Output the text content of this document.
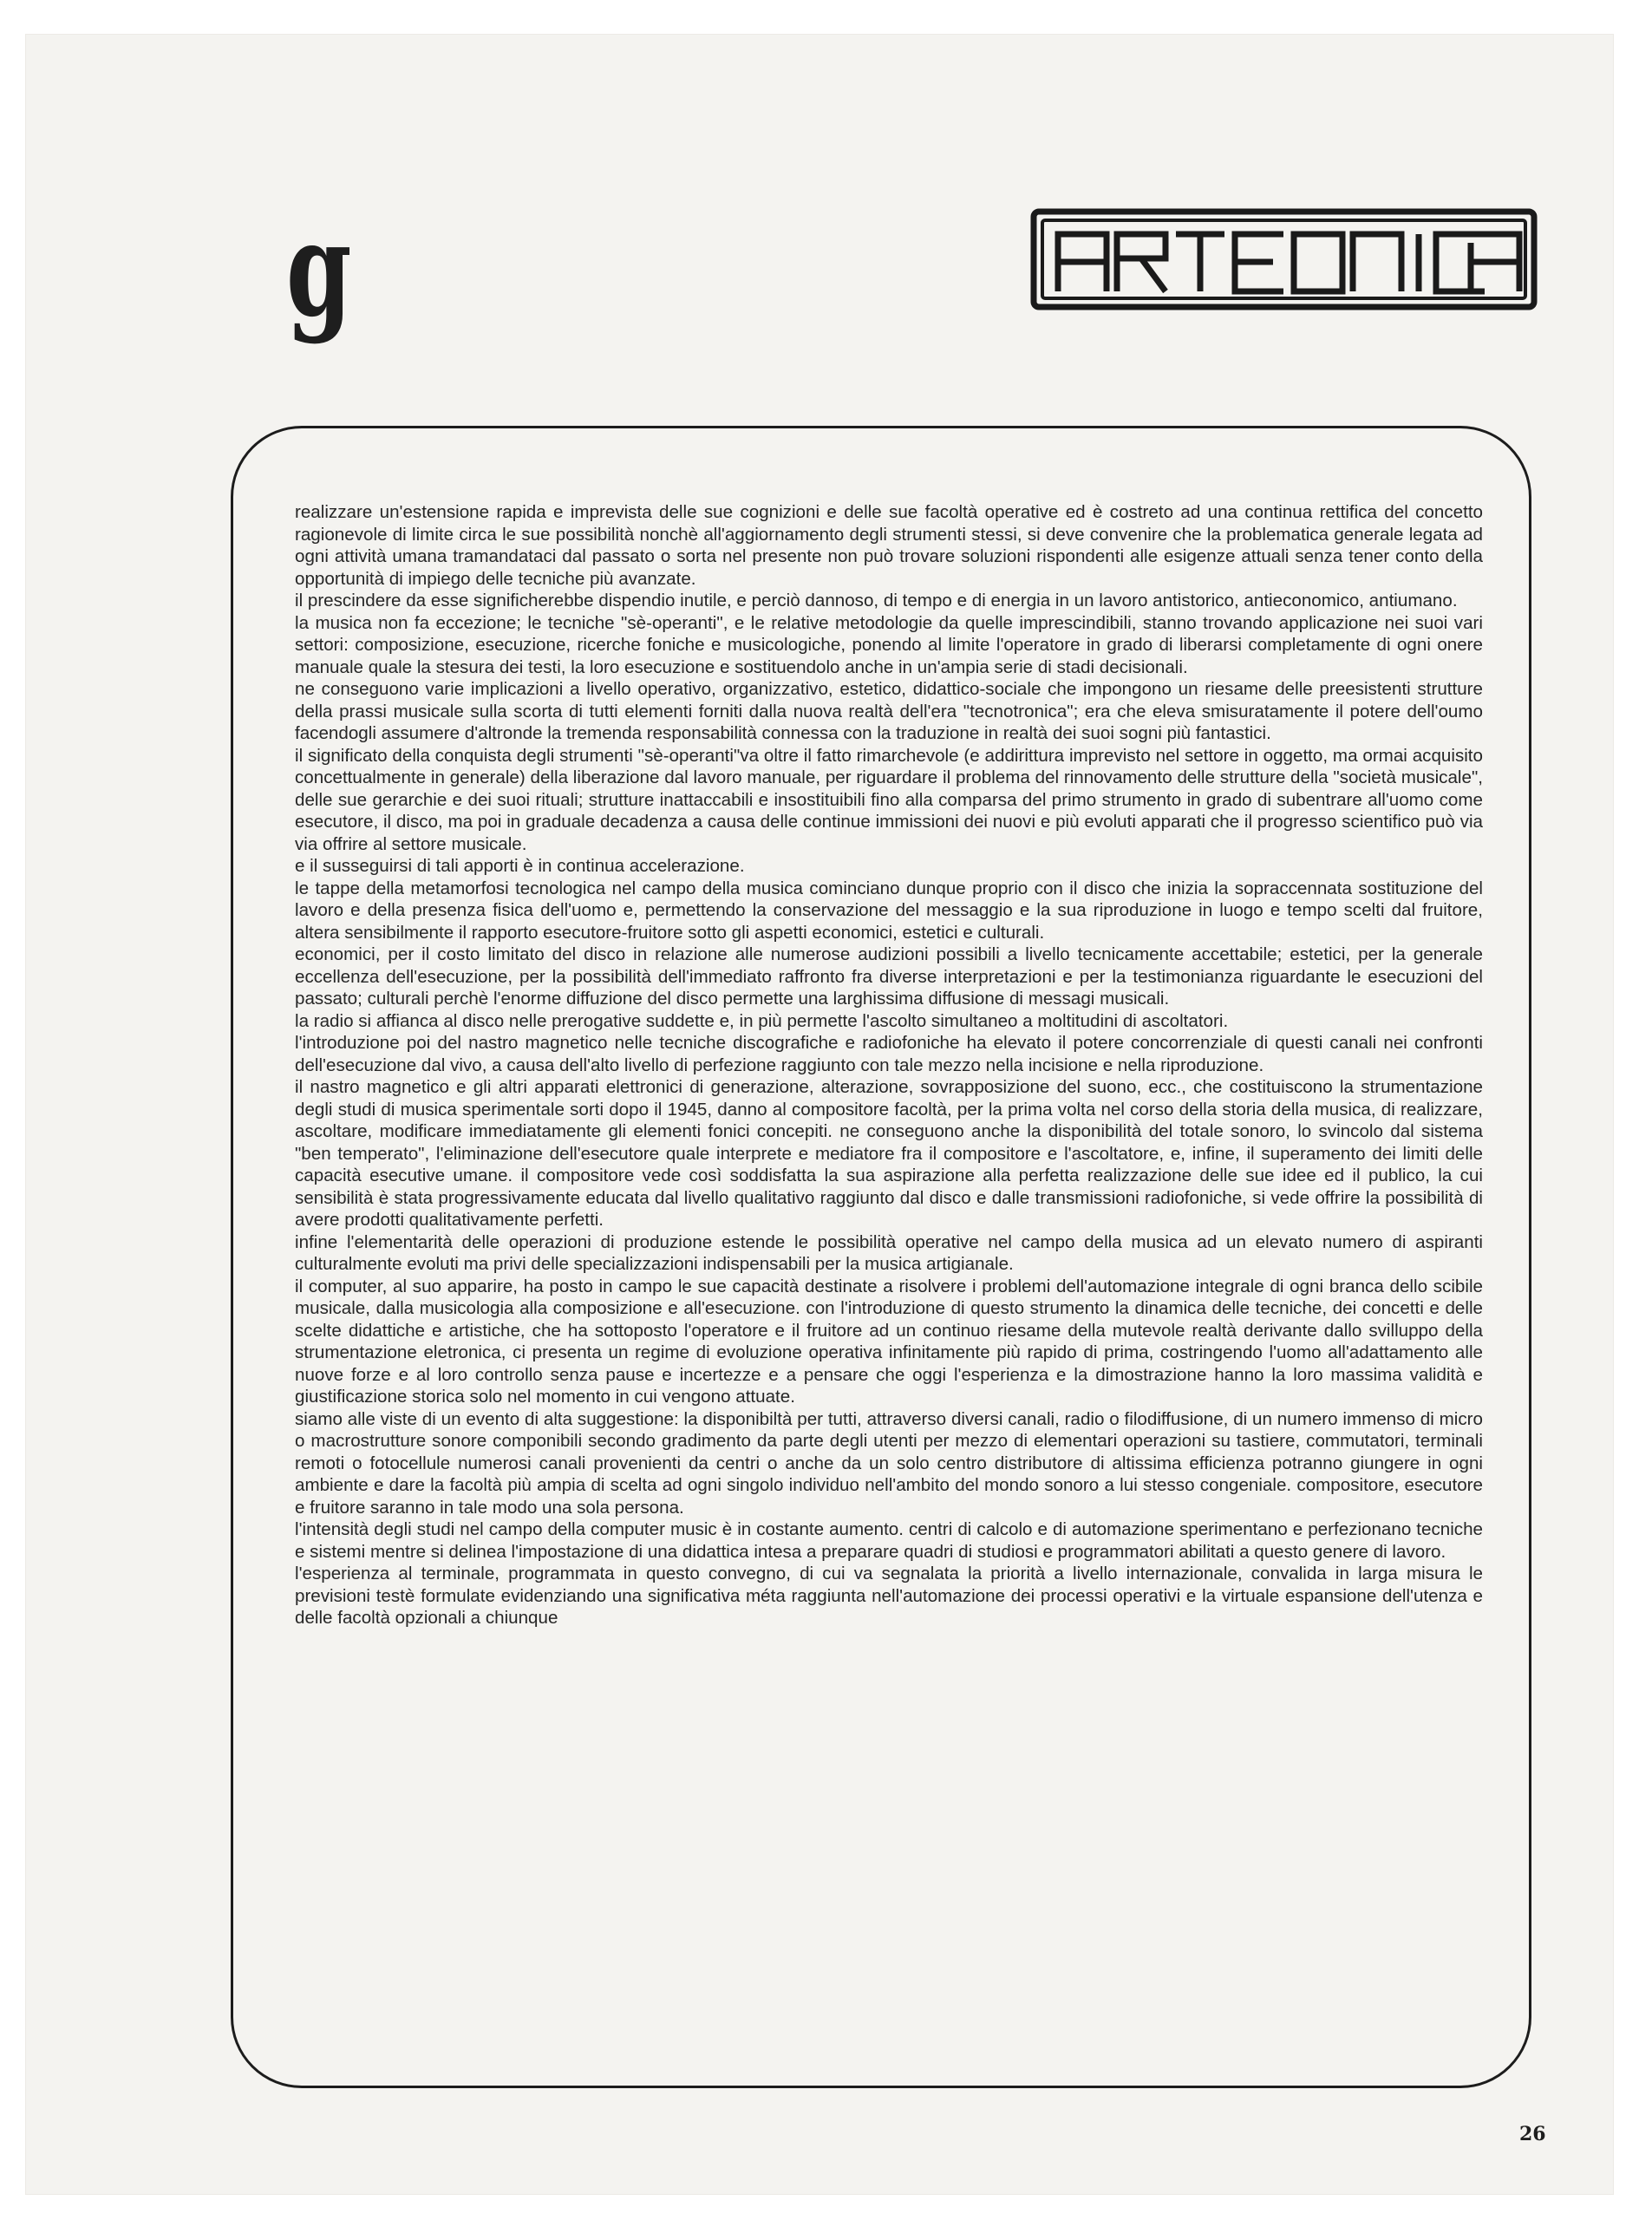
g

realizzare un'estensione rapida e imprevista delle sue cognizioni e delle sue facoltà operative ed è costreto ad una continua rettifica del concetto ragionevole di limite circa le sue possibilità nonchè all'aggiornamento degli strumenti stessi, si deve convenire che la problematica generale legata ad ogni attività umana tramandataci dal passato o sorta nel presente non può trovare soluzioni rispondenti alle esigenze attuali senza tener conto della opportunità di impiego delle tecniche più avanzate.

il prescindere da esse significherebbe dispendio inutile, e perciò dannoso, di tempo e di energia in un lavoro antistorico, antieconomico, antiumano.

la musica non fa eccezione; le tecniche "sè-operanti", e le relative metodologie da quelle imprescindibili, stanno trovando applicazione nei suoi vari settori: composizione, esecuzione, ricerche foniche e musicologiche, ponendo al limite l'operatore in grado di liberarsi completamente di ogni onere manuale quale la stesura dei testi, la loro esecuzione e sostituendolo anche in un'ampia serie di stadi decisionali.

ne conseguono varie implicazioni a livello operativo, organizzativo, estetico, didattico-sociale che impongono un riesame delle preesistenti strutture della prassi musicale sulla scorta di tutti elementi forniti dalla nuova realtà dell'era "tecnotronica"; era che eleva smisuratamente il potere dell'oumo facendogli assumere d'altronde la tremenda responsabilità connessa con la traduzione in realtà dei suoi sogni più fantastici.

il significato della conquista degli strumenti "sè-operanti"va oltre il fatto rimarchevole (e addirittura imprevisto nel settore in oggetto, ma ormai acquisito concettualmente in generale) della liberazione dal lavoro manuale, per riguardare il problema del rinnovamento delle strutture della "società musicale", delle sue gerarchie e dei suoi rituali; strutture inattaccabili e insostituibili fino alla comparsa del primo strumento in grado di subentrare all'uomo come esecutore, il disco, ma poi in graduale decadenza a causa delle continue immissioni dei nuovi e più evoluti apparati che il progresso scientifico può via via offrire al settore musicale.

e il susseguirsi di tali apporti è in continua accelerazione.

le tappe della metamorfosi tecnologica nel campo della musica cominciano dunque proprio con il disco che inizia la sopraccennata sostituzione del lavoro e della presenza fisica dell'uomo e, permettendo la conservazione del messaggio e la sua riproduzione in luogo e tempo scelti dal fruitore, altera sensibilmente il rapporto esecutore-fruitore sotto gli aspetti economici, estetici e culturali.

economici, per il costo limitato del disco in relazione alle numerose audizioni possibili a livello tecnicamente accettabile; estetici, per la generale eccellenza dell'esecuzione, per la possibilità dell'immediato raffronto fra diverse interpretazioni e per la testimonianza riguardante le esecuzioni del passato; culturali perchè l'enorme diffuzione del disco permette una larghissima diffusione di messagi musicali.

la radio si affianca al disco nelle prerogative suddette e, in più permette l'ascolto simultaneo a moltitudini di ascoltatori.

l'introduzione poi del nastro magnetico nelle tecniche discografiche e radiofoniche ha elevato il potere concorrenziale di questi canali nei confronti dell'esecuzione dal vivo, a causa dell'alto livello di perfezione raggiunto con tale mezzo nella incisione e nella riproduzione.

il nastro magnetico e gli altri apparati elettronici di generazione, alterazione, sovrapposizione del suono, ecc., che costituiscono la strumentazione degli studi di musica sperimentale sorti dopo il 1945, danno al compositore facoltà, per la prima volta nel corso della storia della musica, di realizzare, ascoltare, modificare immediatamente gli elementi fonici concepiti. ne conseguono anche la disponibilità del totale sonoro, lo svincolo dal sistema "ben temperato", l'eliminazione dell'esecutore quale interprete e mediatore fra il compositore e l'ascoltatore, e, infine, il superamento dei limiti delle capacità esecutive umane. il compositore vede così soddisfatta la sua aspirazione alla perfetta realizzazione delle sue idee ed il publico, la cui sensibilità è stata progressivamente educata dal livello qualitativo raggiunto dal disco e dalle transmissioni radiofoniche, si vede offrire la possibilità di avere prodotti qualitativamente perfetti.

infine l'elementarità delle operazioni di produzione estende le possibilità operative nel campo della musica ad un elevato numero di aspiranti culturalmente evoluti ma privi delle specializzazioni indispensabili per la musica artigianale.

il computer, al suo apparire, ha posto in campo le sue capacità destinate a risolvere i problemi dell'automazione integrale di ogni branca dello scibile musicale, dalla musicologia alla composizione e all'esecuzione. con l'introduzione di questo strumento la dinamica delle tecniche, dei concetti e delle scelte didattiche e artistiche, che ha sottoposto l'operatore e il fruitore ad un continuo riesame della mutevole realtà derivante dallo svilluppo della strumentazione eletronica, ci presenta un regime di evoluzione operativa infinitamente più rapido di prima, costringendo l'uomo all'adattamento alle nuove forze e al loro controllo senza pause e incertezze e a pensare che oggi l'esperienza e la dimostrazione hanno la loro massima validità e giustificazione storica solo nel momento in cui vengono attuate.

siamo alle viste di un evento di alta suggestione: la disponibiltà per tutti, attraverso diversi canali, radio o filodiffusione, di un numero immenso di micro o macrostrutture sonore componibili secondo gradimento da parte degli utenti per mezzo di elementari operazioni su tastiere, commutatori, terminali remoti o fotocellule numerosi canali provenienti da centri o anche da un solo centro distributore di altissima efficienza potranno giungere in ogni ambiente e dare la facoltà più ampia di scelta ad ogni singolo individuo nell'ambito del mondo sonoro a lui stesso congeniale. compositore, esecutore e fruitore saranno in tale modo una sola persona.

l'intensità degli studi nel campo della computer music è in costante aumento. centri di calcolo e di automazione sperimentano e perfezionano tecniche e sistemi mentre si delinea l'impostazione di una didattica intesa a preparare quadri di studiosi e programmatori abilitati a questo genere di lavoro.

l'esperienza al terminale, programmata in questo convegno, di cui va segnalata la priorità a livello internazionale, convalida in larga misura le previsioni testè formulate evidenziando una significativa méta raggiunta nell'automazione dei processi operativi e la virtuale espansione dell'utenza e delle facoltà opzionali a chiunque

26
